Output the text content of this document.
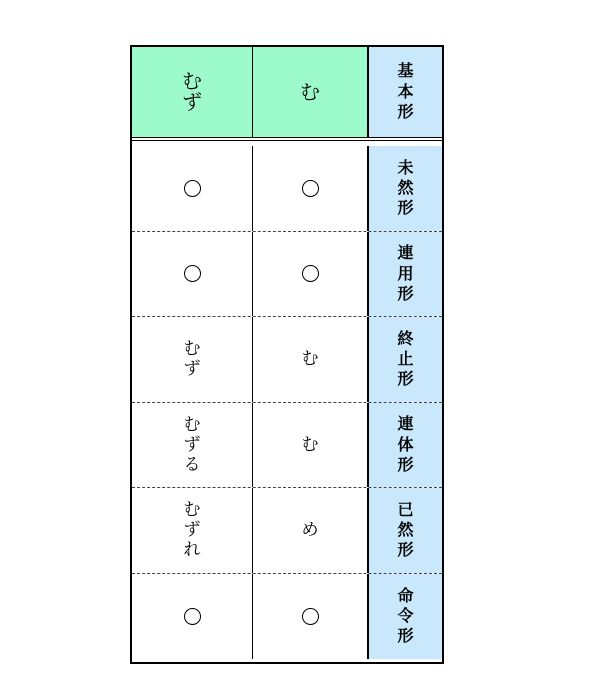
む
ず	む
基
本
形
未
然
形
連
用
形
む
ず
む
終
止
形
む
ず
る
む
連
体
形
む
ず
れ
め
已
然
形
命
令
形
